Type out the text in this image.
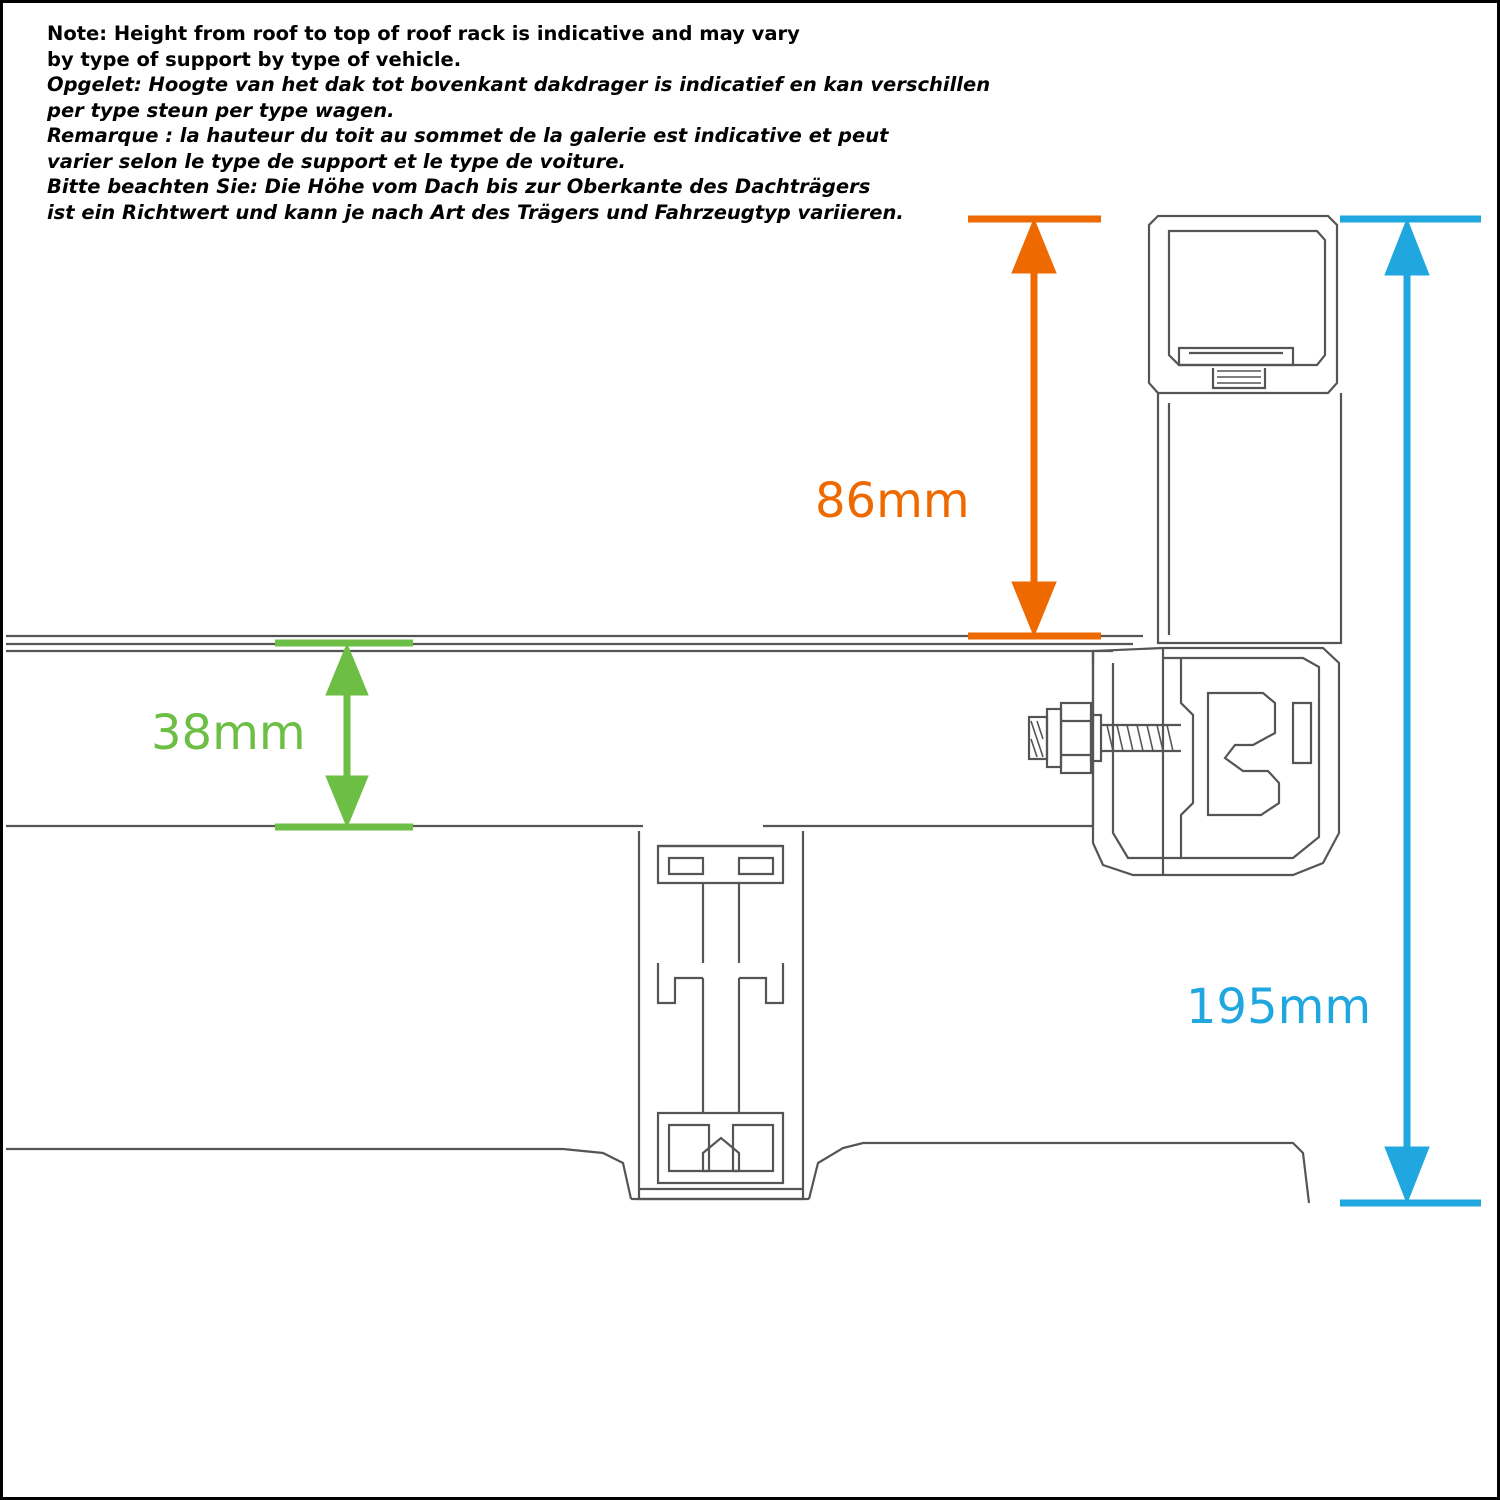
Note: Height from roof to top of roof rack is indicative and may vary
by type of support by type of vehicle.
Opgelet: Hoogte van het dak tot bovenkant dakdrager is indicatief en kan verschillen
per type steun per type wagen.
Remarque : la hauteur du toit au sommet de la galerie est indicative et peut
varier selon le type de support et le type de voiture.
Bitte beachten Sie: Die Höhe vom Dach bis zur Oberkante des Dachträgers
ist ein Richtwert und kann je nach Art des Trägers und Fahrzeugtyp variieren.
86mm
38mm
195mm
